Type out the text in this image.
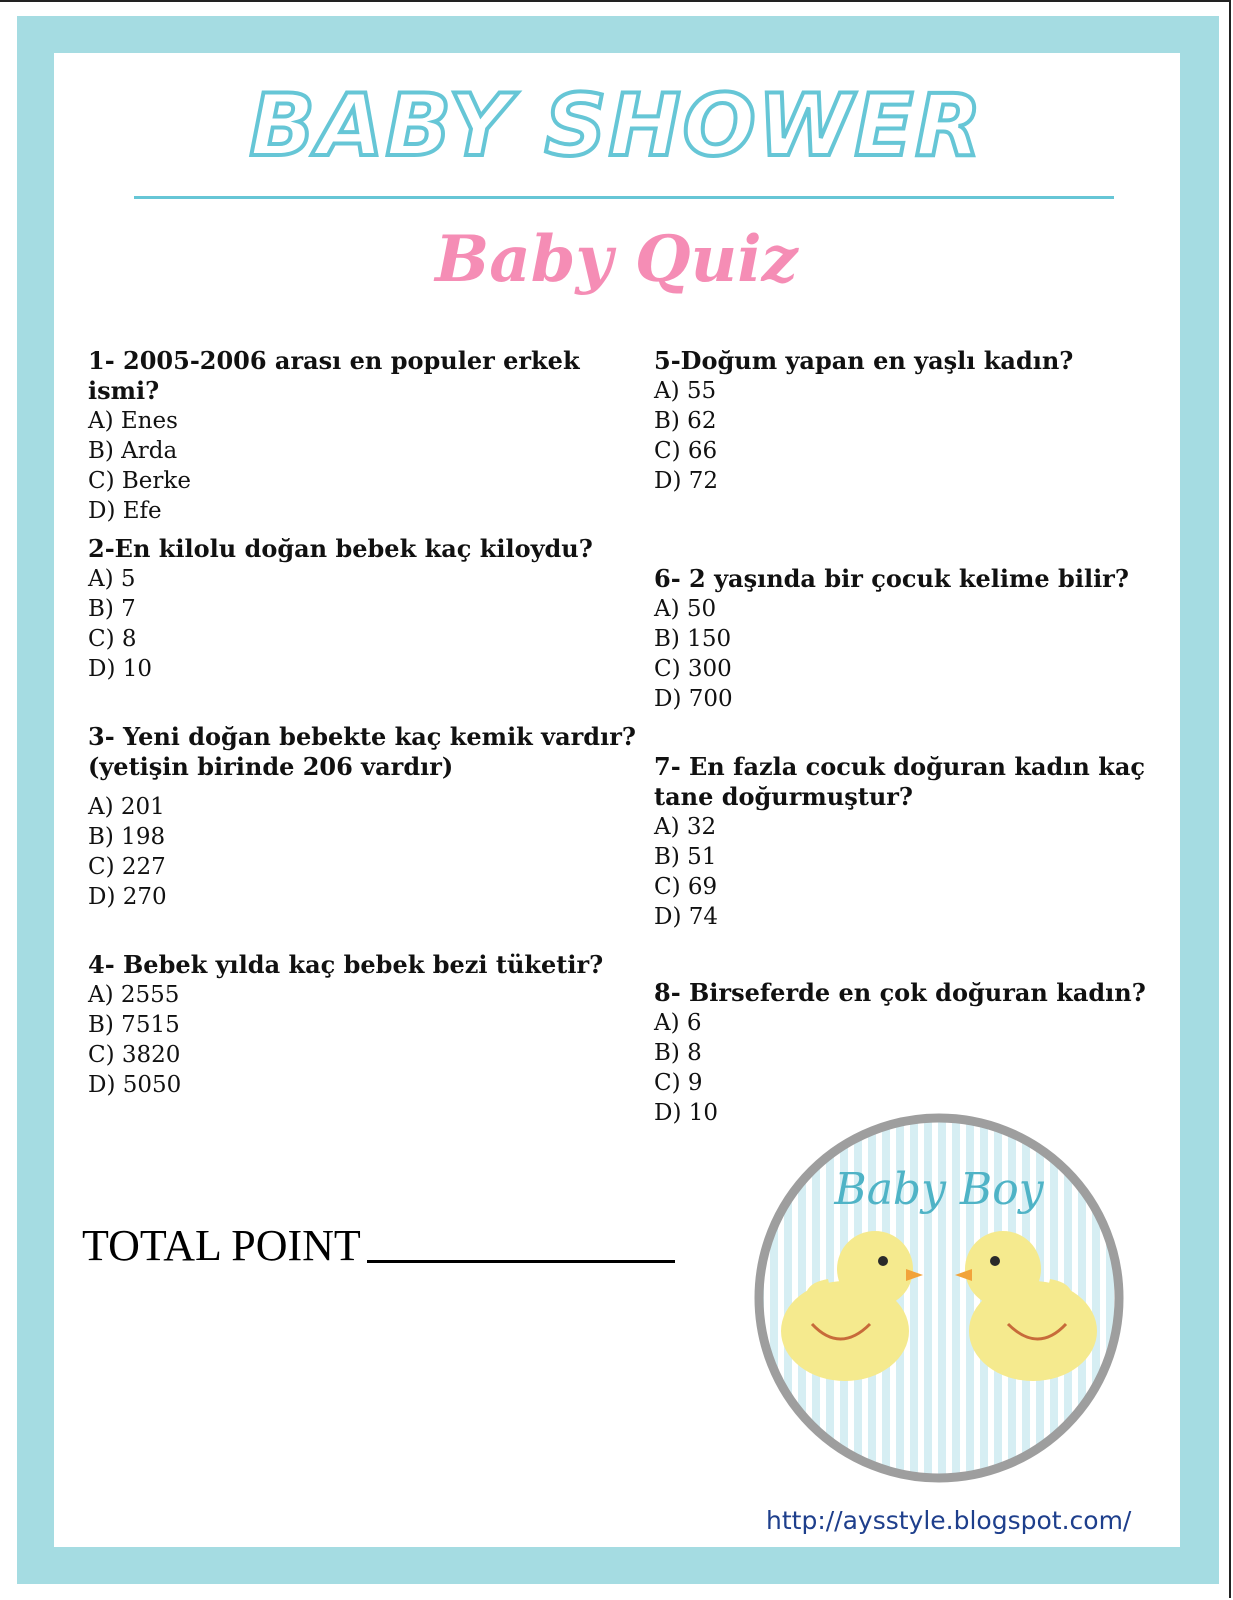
BABY SHOWER
Baby Quiz

1- 2005-2006 arası en populer erkek ismi?

A) Enes
B) Arda
C) Berke
D) Efe

2-En kilolu doğan bebek kaç kiloydu?

A) 5
B) 7
C) 8
D) 10

3- Yeni doğan bebekte kaç kemik vardır?

(yetişin birinde 206 vardır)

A) 201
B) 198
C) 227
D) 270

4- Bebek yılda kaç bebek bezi tüketir?

A) 2555
B) 7515
C) 3820
D) 5050

5-Doğum yapan en yaşlı kadın?

A) 55
B) 62
C) 66
D) 72

6- 2 yaşında bir çocuk kelime bilir?

A) 50
B) 150
C) 300
D) 700

7- En fazla cocuk doğuran kadın kaç tane doğurmuştur?

A) 32
B) 51
C) 69
D) 74

8- Birseferde en çok doğuran kadın?

A) 6
B) 8
C) 9
D) 10
TOTAL POINT
Baby Boy
http://aysstyle.blogspot.com/
